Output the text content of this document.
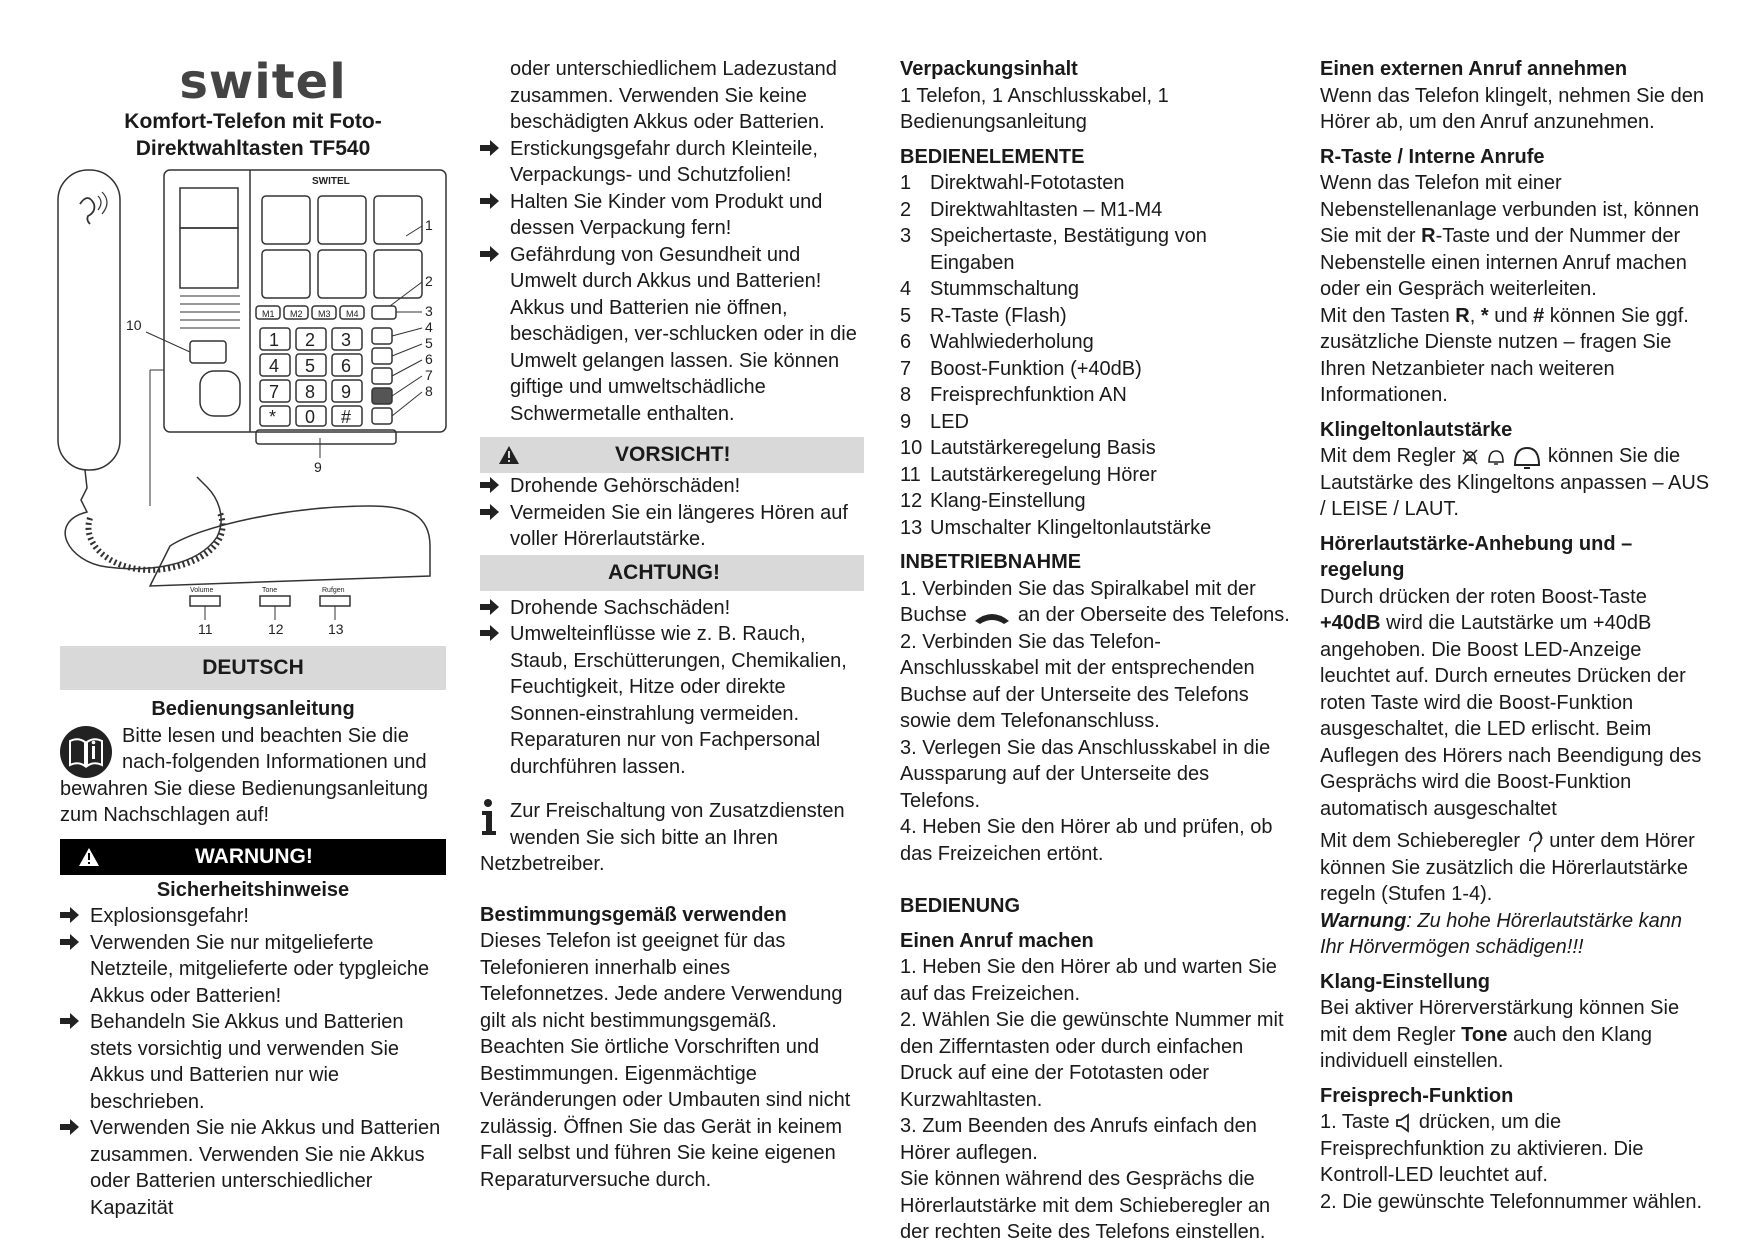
switel
Komfort-Telefon mit Foto-
Direktwahltasten TF540
SWITEL
M1 M2 M3 M4
1 2 3
4 5 6
7 8 9
* 0 #
1
2
3
4
5
6
7
8
9
10
11	12	13
Volume	Tone	Rufgen
DEUTSCH

Bedienungsanleitung

Bitte lesen und beachten Sie die

nach-folgenden Informationen und

bewahren Sie diese Bedienungsanleitung

zum Nachschlagen auf!

WARNUNG!

Sicherheitshinweise

Explosionsgefahr!
Verwenden Sie nur mitgelieferte Netzteile, mitgelieferte oder typgleiche Akkus oder Batterien!
Behandeln Sie Akkus und Batterien stets vorsichtig und verwenden Sie Akkus und Batterien nur wie beschrieben.
Verwenden Sie nie Akkus und Batterien zusammen. Verwenden Sie nie Akkus oder Batterien unterschiedlicher Kapazität

oder unterschiedlichem Ladezustand zusammen. Verwenden Sie keine beschädigten Akkus oder Batterien.

Erstickungsgefahr durch Kleinteile, Verpackungs- und Schutzfolien!
Halten Sie Kinder vom Produkt und dessen Verpackung fern!
Gefährdung von Gesundheit und Umwelt durch Akkus und Batterien! Akkus und Batterien nie öffnen, beschädigen, ver-schlucken oder in die Umwelt gelangen lassen. Sie können giftige und umweltschädliche Schwermetalle enthalten.
VORSICHT!
Drohende Gehörschäden!
Vermeiden Sie ein längeres Hören auf voller Hörerlautstärke.
ACHTUNG!
Drohende Sachschäden!
Umwelteinflüsse wie z. B. Rauch, Staub, Erschütterungen, Chemikalien, Feuchtigkeit, Hitze oder direkte Sonnen-einstrahlung vermeiden. Reparaturen nur von Fachpersonal durchführen lassen.

Zur Freischaltung von Zusatzdiensten

wenden Sie sich bitte an Ihren

Netzbetreiber.

Bestimmungsgemäß verwenden

Dieses Telefon ist geeignet für das Telefonieren innerhalb eines Telefonnetzes. Jede andere Verwendung gilt als nicht bestimmungsgemäß. Beachten Sie örtliche Vorschriften und Bestimmungen. Eigenmächtige Veränderungen oder Umbauten sind nicht zulässig. Öffnen Sie das Gerät in keinem Fall selbst und führen Sie keine eigenen Reparaturversuche durch.

Verpackungsinhalt

1 Telefon, 1 Anschlusskabel, 1 Bedienungsanleitung

BEDIENELEMENTE

1 Direktwahl-Fototasten
2 Direktwahltasten – M1-M4
3 Speichertaste, Bestätigung von Eingaben
4 Stummschaltung
5 R-Taste (Flash)
6 Wahlwiederholung
7 Boost-Funktion (+40dB)
8 Freisprechfunktion AN
9 LED
10 Lautstärkeregelung Basis
11 Lautstärkeregelung Hörer
12 Klang-Einstellung
13 Umschalter Klingeltonlautstärke

INBETRIEBNAHME

1. Verbinden Sie das Spiralkabel mit der

Buchse	an der Oberseite des Telefons.

2. Verbinden Sie das Telefon-Anschlusskabel mit der entsprechenden Buchse auf der Unterseite des Telefons sowie dem Telefonanschluss.

3. Verlegen Sie das Anschlusskabel in die Aussparung auf der Unterseite des Telefons.

4. Heben Sie den Hörer ab und prüfen, ob das Freizeichen ertönt.

BEDIENUNG

Einen Anruf machen

1. Heben Sie den Hörer ab und warten Sie auf das Freizeichen.

2. Wählen Sie die gewünschte Nummer mit den Zifferntasten oder durch einfachen Druck auf eine der Fototasten oder Kurzwahltasten.

3. Zum Beenden des Anrufs einfach den Hörer auflegen.

Sie können während des Gesprächs die Hörerlautstärke mit dem Schieberegler an der rechten Seite des Telefons einstellen.

Einen externen Anruf annehmen

Wenn das Telefon klingelt, nehmen Sie den Hörer ab, um den Anruf anzunehmen.

R-Taste / Interne Anrufe

Wenn das Telefon mit einer Nebenstellenanlage verbunden ist, können Sie mit der R-Taste und der Nummer der Nebenstelle einen internen Anruf machen oder ein Gespräch weiterleiten.

Mit den Tasten R, * und # können Sie ggf. zusätzliche Dienste nutzen – fragen Sie Ihren Netzanbieter nach weiteren Informationen.

Klingeltonlautstärke

Mit dem Regler	können Sie die

Lautstärke des Klingeltons anpassen – AUS / LEISE / LAUT.

Hörerlautstärke-Anhebung und –regelung

Durch drücken der roten Boost-Taste +40dB wird die Lautstärke um +40dB angehoben. Die Boost LED-Anzeige leuchtet auf. Durch erneutes Drücken der roten Taste wird die Boost-Funktion ausgeschaltet, die LED erlischt. Beim Auflegen des Hörers nach Beendigung des Gesprächs wird die Boost-Funktion automatisch ausgeschaltet

Mit dem Schieberegler unter dem Hörer können Sie zusätzlich die Hörerlautstärke regeln (Stufen 1-4).

Warnung: Zu hohe Hörerlautstärke kann Ihr Hörvermögen schädigen!!!

Klang-Einstellung

Bei aktiver Hörerverstärkung können Sie mit dem Regler Tone auch den Klang individuell einstellen.

Freisprech-Funktion

1. Taste drücken, um die Freisprechfunktion zu aktivieren. Die Kontroll-LED leuchtet auf.

2. Die gewünschte Telefonnummer wählen.
